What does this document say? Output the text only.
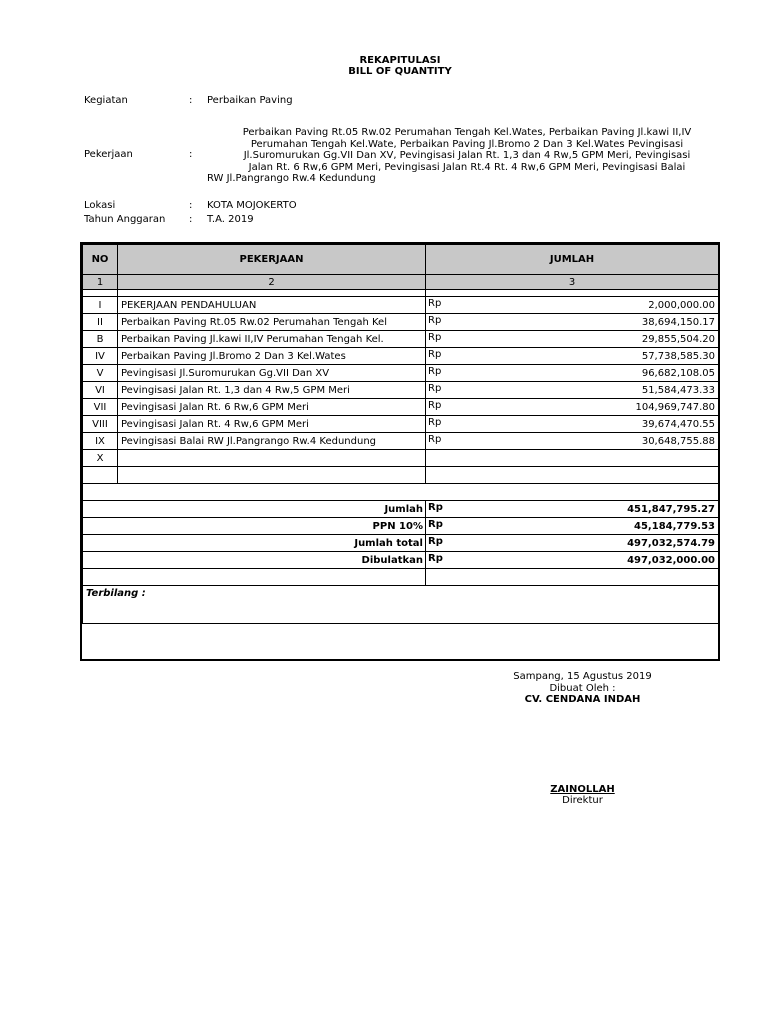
REKAPITULASI
BILL OF QUANTITY
Kegiatan	: Perbaikan Paving
Pekerjaan	:
Perbaikan Paving Rt.05 Rw.02 Perumahan Tengah Kel.Wates, Perbaikan Paving Jl.kawi II,IV
Perumahan Tengah Kel.Wate, Perbaikan Paving Jl.Bromo 2 Dan 3 Kel.Wates Pevingisasi
Jl.Suromurukan Gg.VII Dan XV, Pevingisasi Jalan Rt. 1,3 dan 4 Rw,5 GPM Meri, Pevingisasi
Jalan Rt. 6 Rw,6 GPM Meri, Pevingisasi Jalan Rt.4 Rt. 4 Rw,6 GPM Meri, Pevingisasi Balai
RW Jl.Pangrango Rw.4 Kedundung
Lokasi	: KOTA MOJOKERTO
Tahun Anggaran : T.A. 2019
NO	PEKERJAAN	JUMLAH
1	2	3

I	PEKERJAAN PENDAHULUAN	Rp 2,000,000.00

II	Perbaikan Paving Rt.05 Rw.02 Perumahan Tengah Kel	Rp 38,694,150.17

B	Perbaikan Paving Jl.kawi II,IV Perumahan Tengah Kel.	Rp 29,855,504.20

IV	Perbaikan Paving Jl.Bromo 2 Dan 3 Kel.Wates	Rp 57,738,585.30

V	Pevingisasi Jl.Suromurukan Gg.VII Dan XV	Rp 96,682,108.05

VI	Pevingisasi Jalan Rt. 1,3 dan 4 Rw,5 GPM Meri	Rp 51,584,473.33

VII	Pevingisasi Jalan Rt. 6 Rw,6 GPM Meri	Rp 104,969,747.80

VIII	Pevingisasi Jalan Rt. 4 Rw,6 GPM Meri	Rp 39,674,470.55

IX	Pevingisasi Balai RW Jl.Pangrango Rw.4 Kedundung	Rp 30,648,755.88

X		

Jumlah		Rp 451,847,795.27

PPN 10%		Rp 45,184,779.53

Jumlah total		Rp 497,032,574.79

Dibulatkan		Rp 497,032,000.00

Terbilang :		
Sampang, 15 Agustus 2019
Dibuat Oleh :
CV. CENDANA INDAH
ZAINOLLAH
Direktur
